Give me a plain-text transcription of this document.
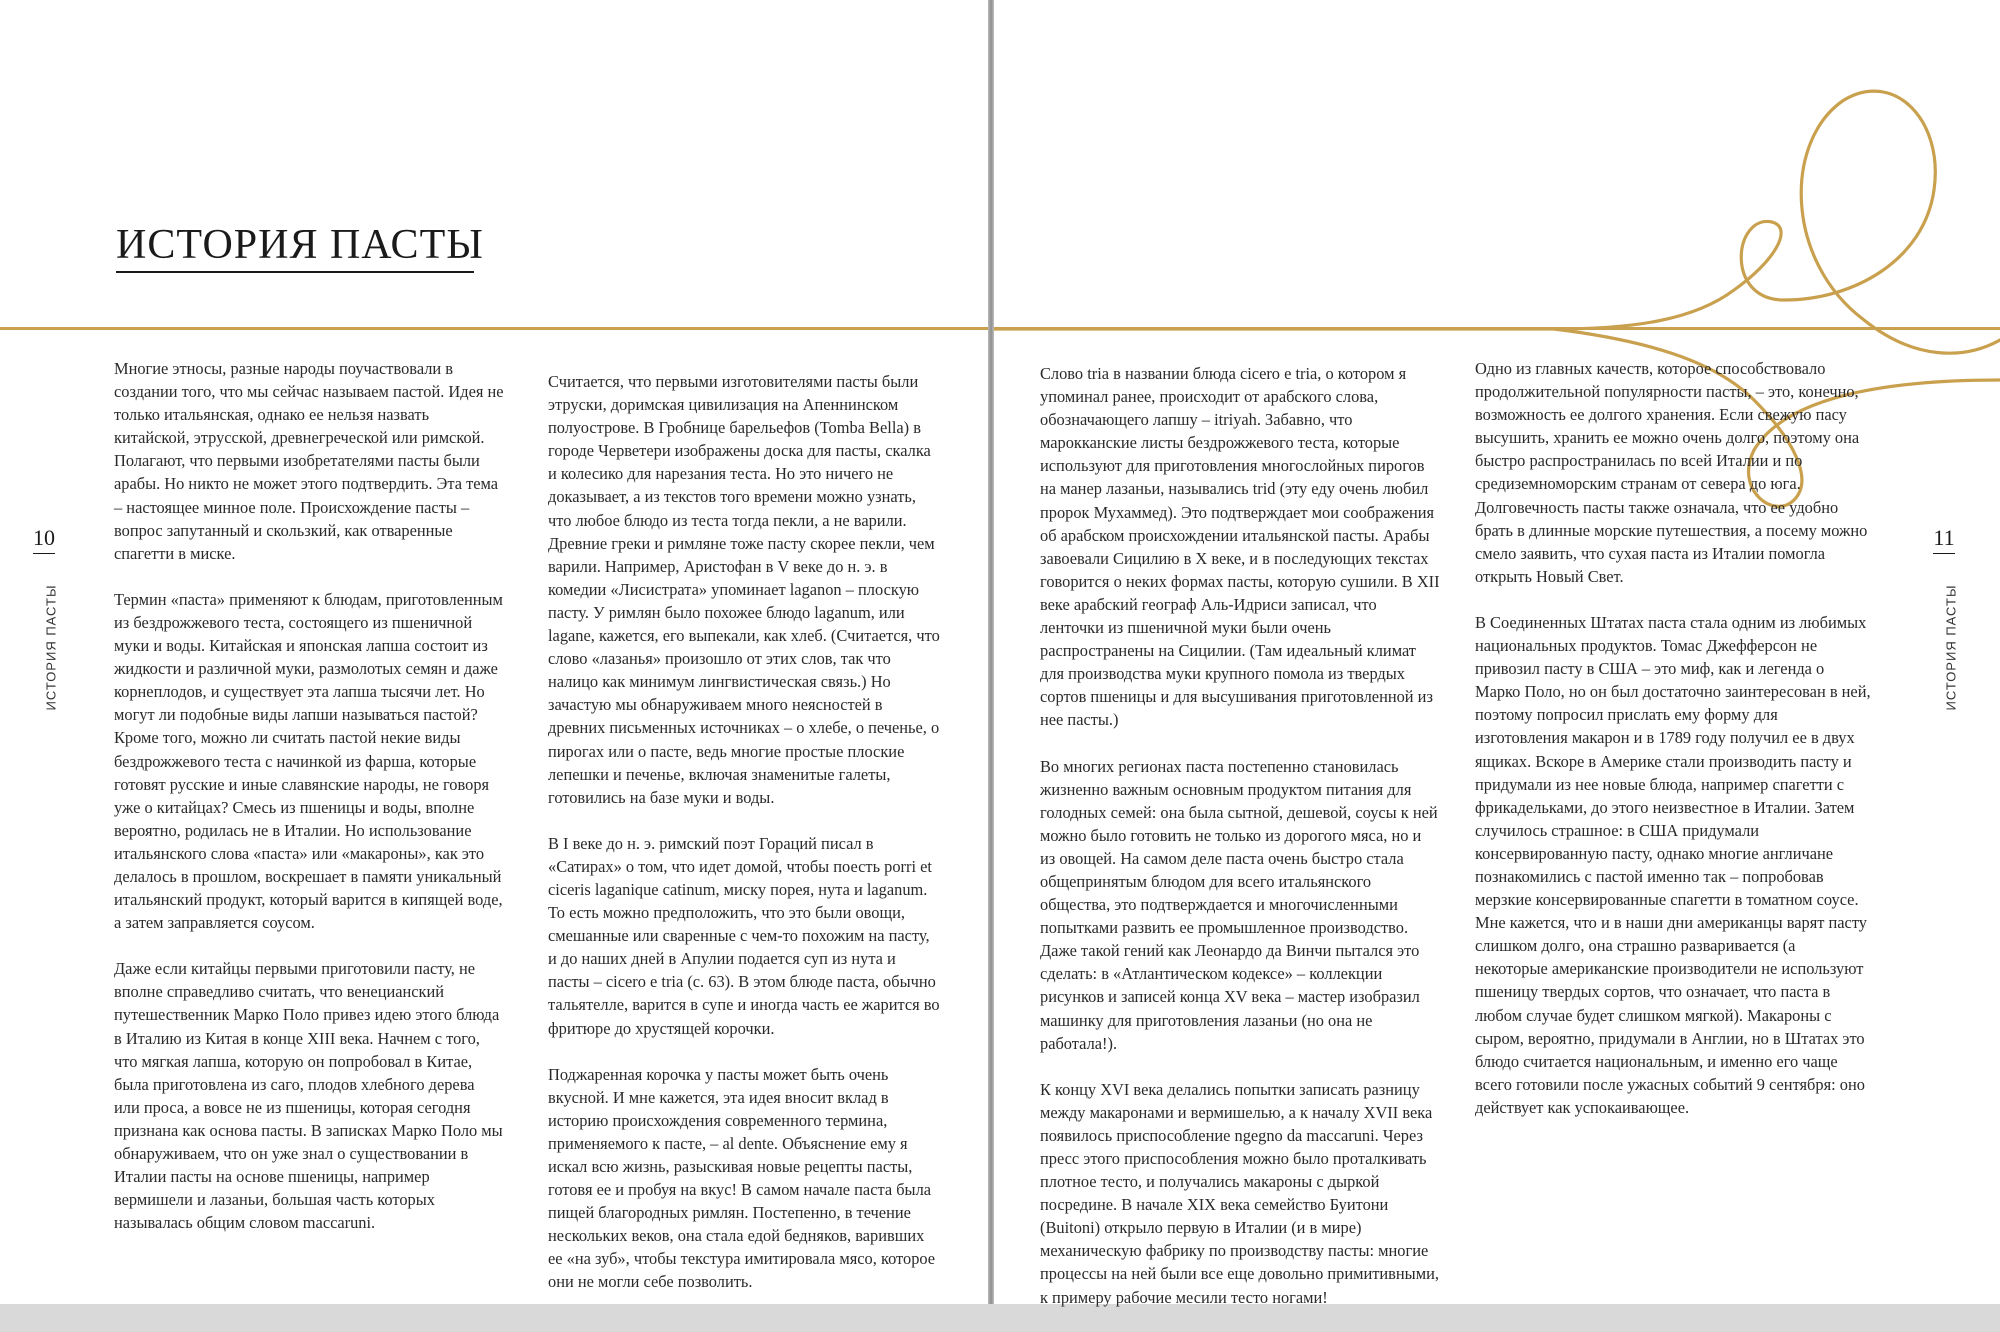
ИСТОРИЯ ПАСТЫ
10
ИСТОРИЯ ПАСТЫ
11
ИСТОРИЯ ПАСТЫ

Многие этносы, разные народы поучаствовали в создании того, что мы сейчас называем пастой. Идея не только итальянская, однако ее нельзя назвать китайской, этрусской, древнегреческой или римской. Полагают, что первыми изобретателями пасты были арабы. Но никто не может этого подтвердить. Эта тема – настоящее минное поле. Происхождение пасты – вопрос запутанный и скользкий, как отваренные спагетти в миске.

Термин «паста» применяют к блюдам, приготовленным из бездрожжевого теста, состоящего из пшеничной муки и воды. Китайская и японская лапша состоит из жидкости и различной муки, размолотых семян и даже корнеплодов, и существует эта лапша тысячи лет. Но могут ли подобные виды лапши называться пастой? Кроме того, можно ли считать пастой некие виды бездрожжевого теста с начинкой из фарша, которые готовят русские и иные славянские народы, не говоря уже о китайцах? Смесь из пшеницы и воды, вполне вероятно, родилась не в Италии. Но использование итальянского слова «паста» или «макароны», как это делалось в прошлом, воскрешает в памяти уникальный итальянский продукт, который варится в кипящей воде, а затем заправляется соусом.

Даже если китайцы первыми приготовили пасту, не вполне справедливо считать, что венецианский путешественник Марко Поло привез идею этого блюда в Италию из Китая в конце XIII века. Начнем с того, что мягкая лапша, которую он попробовал в Китае, была приготовлена из саго, плодов хлебного дерева или проса, а вовсе не из пшеницы, которая сегодня признана как основа пасты. В записках Марко Поло мы обнаруживаем, что он уже знал о существовании в Италии пасты на основе пшеницы, например вермишели и лазаньи, большая часть которых называлась общим словом maccaruni.

Считается, что первыми изготовителями пасты были этруски, доримская цивилизация на Апеннинском полуострове. В Гробнице барельефов (Tomba Bella) в городе Черветери изображены доска для пасты, скалка и колесико для нарезания теста. Но это ничего не доказывает, а из текстов того времени можно узнать, что любое блюдо из теста тогда пекли, а не варили. Древние греки и римляне тоже пасту скорее пекли, чем варили. Например, Аристофан в V веке до н. э. в комедии «Лисистрата» упоминает laganon – плоскую пасту. У римлян было похожее блюдо laganum, или lagane, кажется, его выпекали, как хлеб. (Считается, что слово «лазанья» произошло от этих слов, так что налицо как минимум лингвистическая связь.) Но зачастую мы обнаруживаем много неясностей в древних письменных источниках – о хлебе, о печенье, о пирогах или о пасте, ведь многие простые плоские лепешки и печенье, включая знаменитые галеты, готовились на базе муки и воды.

В I веке до н. э. римский поэт Гораций писал в «Сатирах» о том, что идет домой, чтобы поесть porri et ciceris laganique catinum, миску порея, нута и laganum. То есть можно предположить, что это были овощи, смешанные или сваренные с чем-то похожим на пасту, и до наших дней в Апулии подается суп из нута и пасты – cicero e tria (с. 63). В этом блюде паста, обычно тальятелле, варится в супе и иногда часть ее жарится во фритюре до хрустящей корочки.

Поджаренная корочка у пасты может быть очень вкусной. И мне кажется, эта идея вносит вклад в историю происхождения современного термина, применяемого к пасте, – al dente. Объяснение ему я искал всю жизнь, разыскивая новые рецепты пасты, готовя ее и пробуя на вкус! В самом начале паста была пищей благородных римлян. Постепенно, в течение нескольких веков, она стала едой бедняков, варивших ее «на зуб», чтобы текстура имитировала мясо, которое они не могли себе позволить.

Слово tria в названии блюда cicero e tria, о котором я упоминал ранее, происходит от арабского слова, обозначающего лапшу – itriyah. Забавно, что марокканские листы бездрожжевого теста, которые используют для приготовления многослойных пирогов на манер лазаньи, назывались trid (эту еду очень любил пророк Мухаммед). Это подтверждает мои соображения об арабском происхождении итальянской пасты. Арабы завоевали Сицилию в X веке, и в последующих текстах говорится о неких формах пасты, которую сушили. В XII веке арабский географ Аль-Идриси записал, что ленточки из пшеничной муки были очень распространены на Сицилии. (Там идеальный климат для производства муки крупного помола из твердых сортов пшеницы и для высушивания приготовленной из нее пасты.)

Во многих регионах паста постепенно становилась жизненно важным основным продуктом питания для голодных семей: она была сытной, дешевой, соусы к ней можно было готовить не только из дорогого мяса, но и из овощей. На самом деле паста очень быстро стала общепринятым блюдом для всего итальянского общества, это подтверждается и многочисленными попытками развить ее промышленное производство. Даже такой гений как Леонардо да Винчи пытался это сделать: в «Атлантическом кодексе» – коллекции рисунков и записей конца XV века – мастер изобразил машинку для приготовления лазаньи (но она не работала!).

К концу XVI века делались попытки записать разницу между макаронами и вермишелью, а к началу XVII века появилось приспособление ngegno da maccaruni. Через пресс этого приспособления можно было проталкивать плотное тесто, и получались макароны с дыркой посредине. В начале XIX века семейство Буитони (Buitoni) открыло первую в Италии (и в мире) механическую фабрику по производству пасты: многие процессы на ней были все еще довольно примитивными, к примеру рабочие месили тесто ногами!

Одно из главных качеств, которое способствовало продолжительной популярности пасты, – это, конечно, возможность ее долгого хранения. Если свежую пасу высушить, хранить ее можно очень долго, поэтому она быстро распространилась по всей Италии и по средиземноморским странам от севера до юга. Долговечность пасты также означала, что ее удобно брать в длинные морские путешествия, а посему можно смело заявить, что сухая паста из Италии помогла открыть Новый Свет.

В Соединенных Штатах паста стала одним из любимых национальных продуктов. Томас Джефферсон не привозил пасту в США – это миф, как и легенда о Марко Поло, но он был достаточно заинтересован в ней, поэтому попросил прислать ему форму для изготовления макарон и в 1789 году получил ее в двух ящиках. Вскоре в Америке стали производить пасту и придумали из нее новые блюда, например спагетти с фрикадельками, до этого неизвестное в Италии. Затем случилось страшное: в США придумали консервированную пасту, однако многие англичане познакомились с пастой именно так – попробовав мерзкие консервированные спагетти в томатном соусе. Мне кажется, что и в наши дни американцы варят пасту слишком долго, она страшно разваривается (а некоторые американские производители не используют пшеницу твердых сортов, что означает, что паста в любом случае будет слишком мягкой). Макароны с сыром, вероятно, придумали в Англии, но в Штатах это блюдо считается национальным, и именно его чаще всего готовили после ужасных событий 9 сентября: оно действует как успокаивающее.
